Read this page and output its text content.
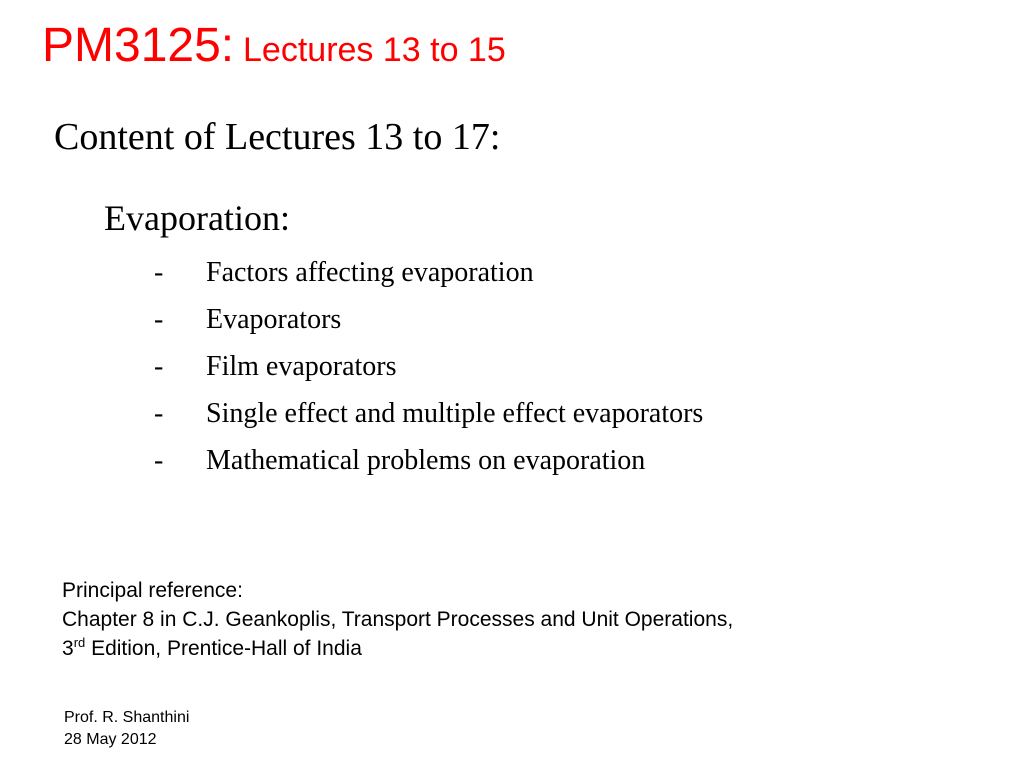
PM3125: Lectures 13 to 15
Content of Lectures 13 to 17:
Evaporation:
- Factors affecting evaporation
- Evaporators
- Film evaporators
- Single effect and multiple effect evaporators
- Mathematical problems on evaporation
Principal reference:
Chapter 8 in C.J. Geankoplis, Transport Processes and Unit Operations,
3rd Edition, Prentice-Hall of India
Prof. R. Shanthini
28 May 2012
